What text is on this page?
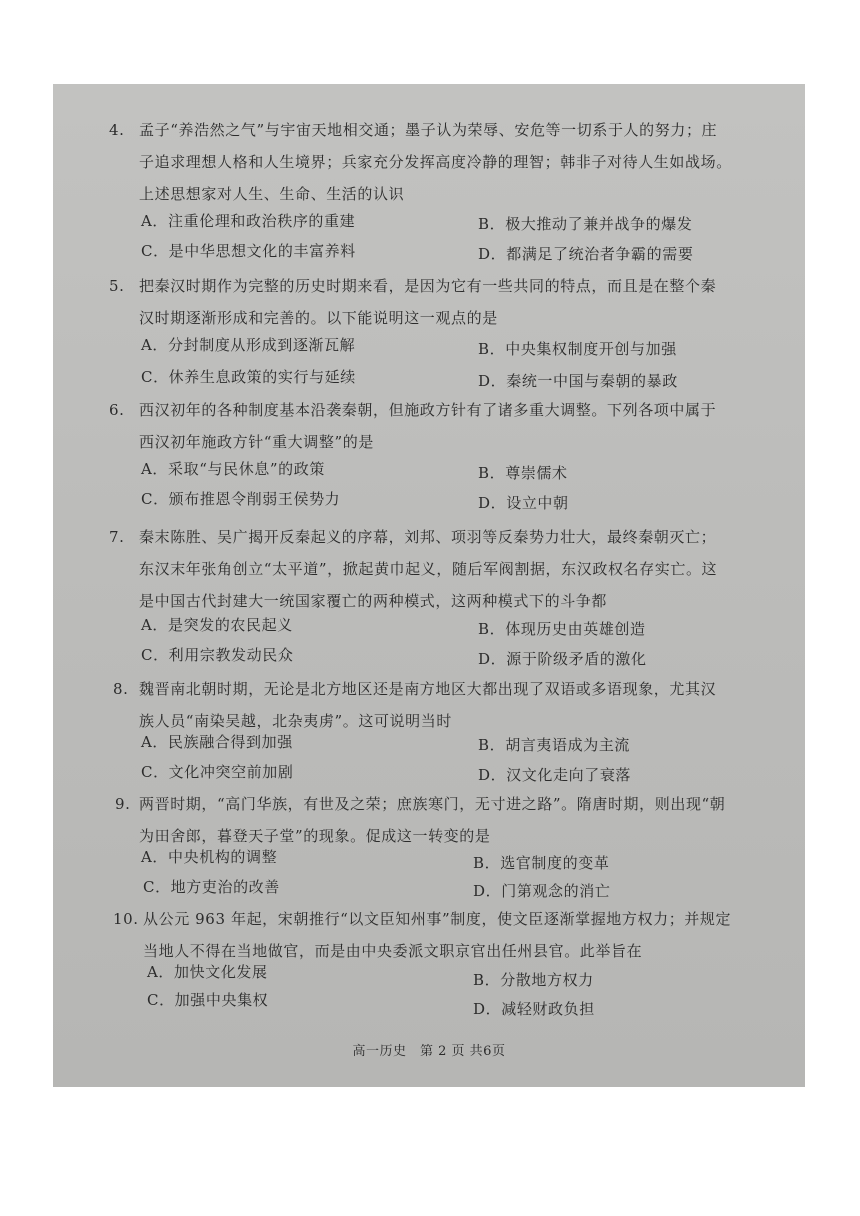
4. 孟子“养浩然之气”与宇宙天地相交通；墨子认为荣辱、安危等一切系于人的努力；庄
子追求理想人格和人生境界；兵家充分发挥高度冷静的理智；韩非子对待人生如战场。
上述思想家对人生、生命、生活的认识
A．注重伦理和政治秩序的重建	B．极大推动了兼并战争的爆发
C．是中华思想文化的丰富养料	D．都满足了统治者争霸的需要
5. 把秦汉时期作为完整的历史时期来看，是因为它有一些共同的特点，而且是在整个秦
汉时期逐渐形成和完善的。以下能说明这一观点的是
A．分封制度从形成到逐渐瓦解	B．中央集权制度开创与加强
C．休养生息政策的实行与延续	D．秦统一中国与秦朝的暴政
6. 西汉初年的各种制度基本沿袭秦朝，但施政方针有了诸多重大调整。下列各项中属于
西汉初年施政方针“重大调整”的是
A．采取“与民休息”的政策	B．尊崇儒术
C．颁布推恩令削弱王侯势力	D．设立中朝
7. 秦末陈胜、吴广揭开反秦起义的序幕，刘邦、项羽等反秦势力壮大，最终秦朝灭亡；
东汉末年张角创立“太平道”，掀起黄巾起义，随后军阀割据，东汉政权名存实亡。这
是中国古代封建大一统国家覆亡的两种模式，这两种模式下的斗争都
A．是突发的农民起义	B．体现历史由英雄创造
C．利用宗教发动民众	D．源于阶级矛盾的激化
8. 魏晋南北朝时期，无论是北方地区还是南方地区大都出现了双语或多语现象，尤其汉
族人员“南染吴越，北杂夷虏”。这可说明当时
A．民族融合得到加强	B．胡言夷语成为主流
C．文化冲突空前加剧	D．汉文化走向了衰落
9. 两晋时期，“高门华族，有世及之荣；庶族寒门，无寸进之路”。隋唐时期，则出现“朝
为田舍郎，暮登天子堂”的现象。促成这一转变的是
A．中央机构的调整	B．选官制度的变革
C．地方吏治的改善	D．门第观念的消亡
10. 从公元 963 年起，宋朝推行“以文臣知州事”制度，使文臣逐渐掌握地方权力；并规定
当地人不得在当地做官，而是由中央委派文职京官出任州县官。此举旨在
A．加快文化发展	B．分散地方权力
C．加强中央集权	D．减轻财政负担
高一历史　第 2 页 共6页
